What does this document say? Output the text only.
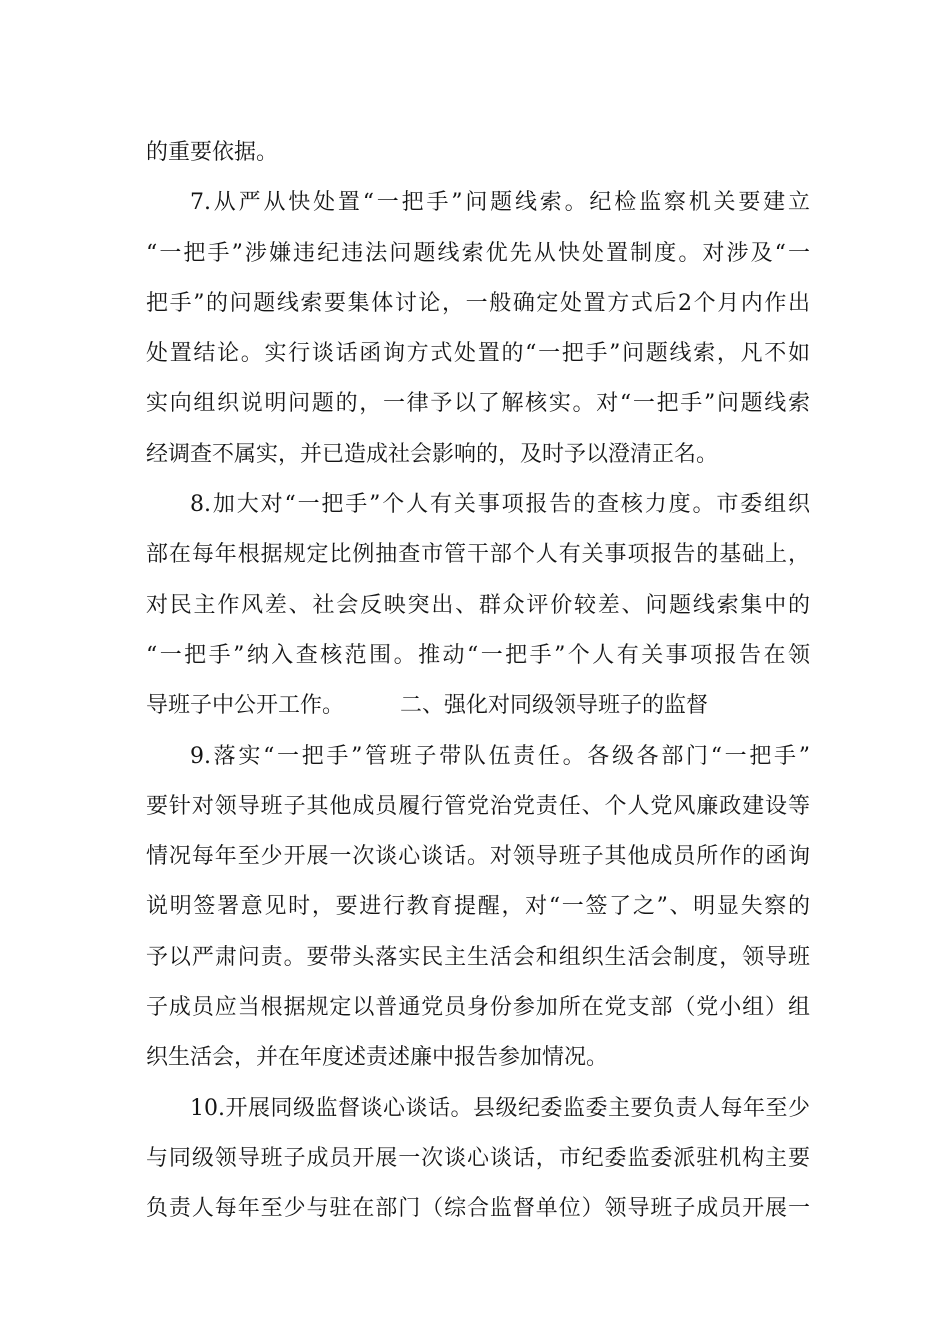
的重要依据。
7.从严从快处置“一把手”问题线索。纪检监察机关要建立
“一把手”涉嫌违纪违法问题线索优先从快处置制度。对涉及“一
把手”的问题线索要集体讨论，一般确定处置方式后2个月内作出
处置结论。实行谈话函询方式处置的“一把手”问题线索，凡不如
实向组织说明问题的，一律予以了解核实。对“一把手”问题线索
经调查不属实，并已造成社会影响的，及时予以澄清正名。
8.加大对“一把手”个人有关事项报告的查核力度。市委组织
部在每年根据规定比例抽查市管干部个人有关事项报告的基础上，
对民主作风差、社会反映突出、群众评价较差、问题线索集中的
“一把手”纳入查核范围。推动“一把手”个人有关事项报告在领
导班子中公开工作。        二、强化对同级领导班子的监督
9.落实“一把手”管班子带队伍责任。各级各部门“一把手”
要针对领导班子其他成员履行管党治党责任、个人党风廉政建设等
情况每年至少开展一次谈心谈话。对领导班子其他成员所作的函询
说明签署意见时，要进行教育提醒，对“一签了之”、明显失察的
予以严肃问责。要带头落实民主生活会和组织生活会制度，领导班
子成员应当根据规定以普通党员身份参加所在党支部（党小组）组
织生活会，并在年度述责述廉中报告参加情况。
10.开展同级监督谈心谈话。县级纪委监委主要负责人每年至少
与同级领导班子成员开展一次谈心谈话，市纪委监委派驻机构主要
负责人每年至少与驻在部门（综合监督单位）领导班子成员开展一
